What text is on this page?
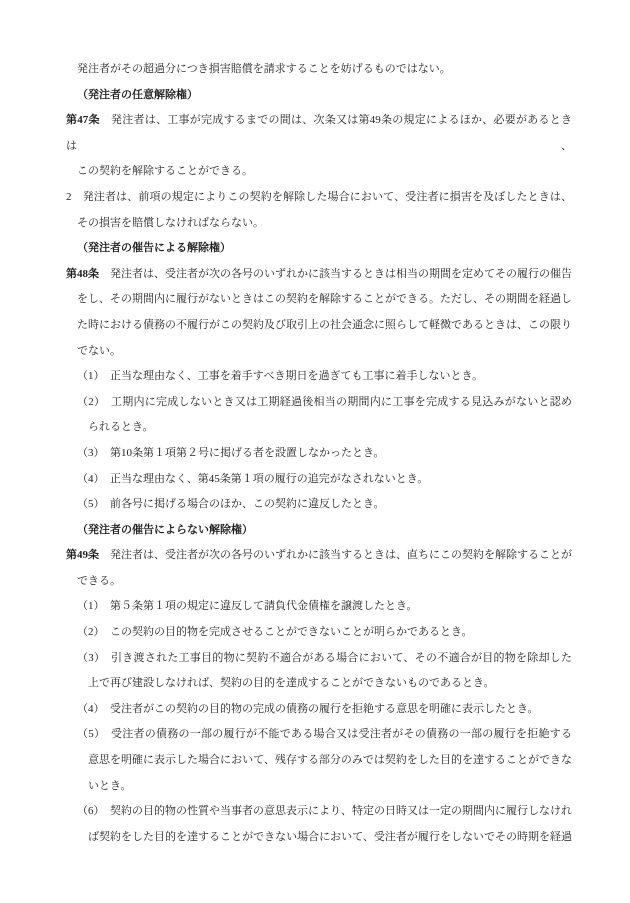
発注者がその超過分につき損害賠償を請求することを妨げるものではない。
（発注者の任意解除権）
第47条　発注者は、工事が完成するまでの間は、次条又は第49条の規定によるほか、必要があるときは、
この契約を解除することができる。
2　発注者は、前項の規定によりこの契約を解除した場合において、受注者に損害を及ぼしたときは、
その損害を賠償しなければならない。
（発注者の催告による解除権）
第48条　発注者は、受注者が次の各号のいずれかに該当するときは相当の期間を定めてその履行の催告
をし、その期間内に履行がないときはこの契約を解除することができる。ただし、その期間を経過し
た時における債務の不履行がこの契約及び取引上の社会通念に照らして軽微であるときは、この限り
でない。
（1）　正当な理由なく、工事を着手すべき期日を過ぎても工事に着手しないとき。
（2）　工期内に完成しないとき又は工期経過後相当の期間内に工事を完成する見込みがないと認め
られるとき。
（3）　第10条第１項第２号に掲げる者を設置しなかったとき。
（4）　正当な理由なく、第45条第１項の履行の追完がなされないとき。
（5）　前各号に掲げる場合のほか、この契約に違反したとき。
（発注者の催告によらない解除権）
第49条　発注者は、受注者が次の各号のいずれかに該当するときは、直ちにこの契約を解除することが
できる。
（1）　第５条第１項の規定に違反して請負代金債権を譲渡したとき。
（2）　この契約の目的物を完成させることができないことが明らかであるとき。
（3）　引き渡された工事目的物に契約不適合がある場合において、その不適合が目的物を除却した
上で再び建設しなければ、契約の目的を達成することができないものであるとき。
（4）　受注者がこの契約の目的物の完成の債務の履行を拒絶する意思を明確に表示したとき。
（5）　受注者の債務の一部の履行が不能である場合又は受注者がその債務の一部の履行を拒絶する
意思を明確に表示した場合において、残存する部分のみでは契約をした目的を達することができな
いとき。
（6）　契約の目的物の性質や当事者の意思表示により、特定の日時又は一定の期間内に履行しなけれ
ば契約をした目的を達することができない場合において、受注者が履行をしないでその時期を経過
